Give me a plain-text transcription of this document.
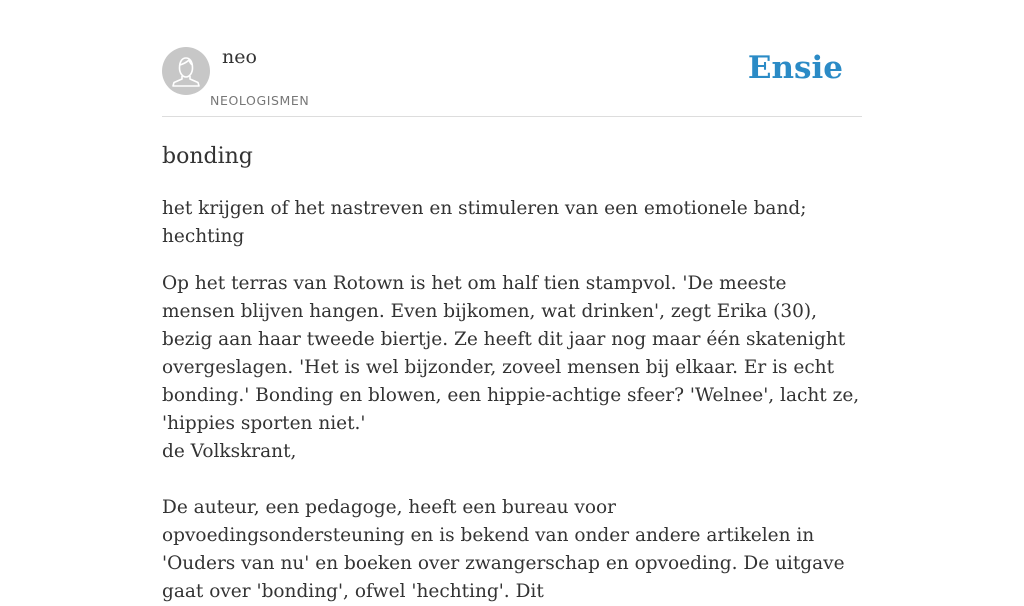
neo
NEOLOGISMEN
Ensie
bonding

het krijgen of het nastreven en stimuleren van een emotionele band; hechting

Op het terras van Rotown is het om half tien stampvol. 'De meeste mensen blijven hangen. Even bijkomen, wat drinken', zegt Erika (30), bezig aan haar tweede biertje. Ze heeft dit jaar nog maar één skatenight overgeslagen. 'Het is wel bijzonder, zoveel mensen bij elkaar. Er is echt bonding.' Bonding en blowen, een hippie-achtige sfeer? 'Welnee', lacht ze, 'hippies sporten niet.'
de Volkskrant,

De auteur, een pedagoge, heeft een bureau voor opvoedingsondersteuning en is bekend van onder andere artikelen in 'Ouders van nu' en boeken over zwangerschap en opvoeding. De uitgave gaat over 'bonding', ofwel 'hechting'. Dit
